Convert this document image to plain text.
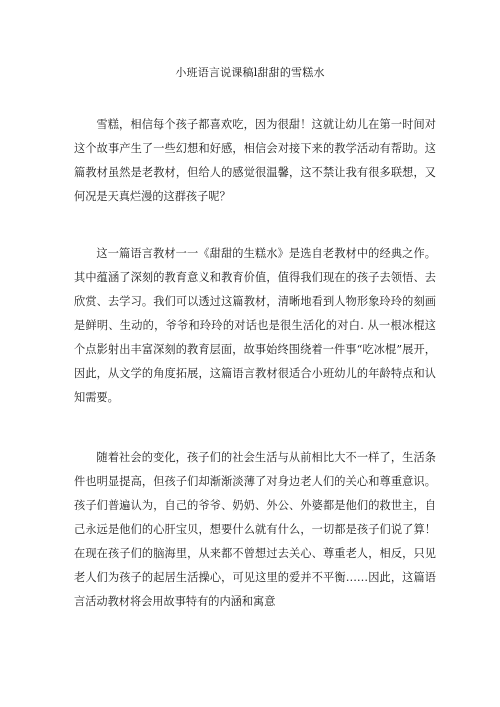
小班语言说课稿l甜甜的雪糕水

雪糕，相信每个孩子都喜欢吃，因为很甜！这就让幼儿在第一时间对这个故事产生了一些幻想和好感，相信会对接下来的教学活动有帮助。这篇教材虽然是老教材，但给人的感觉很温馨，这不禁让我有很多联想，又何况是天真烂漫的这群孩子呢？

这一篇语言教材一一《甜甜的生糕水》是选自老教材中的经典之作。其中蕴涵了深刻的教育意义和教育价值，值得我们现在的孩子去领悟、去欣赏、去学习。我们可以透过这篇教材，清晰地看到人物形象玲玲的刻画是鲜明、生动的，爷爷和玲玲的对话也是很生活化的对白. 从一根冰棍这个点影射出丰富深刻的教育层面，故事始终围绕着一件事“吃冰棍”展开，因此，从文学的角度拓展，这篇语言教材很适合小班幼儿的年龄特点和认知需要。

随着社会的变化，孩子们的社会生活与从前相比大不一样了，生活条件也明显提高，但孩子们却渐渐淡薄了对身边老人们的关心和尊重意识。孩子们普遍认为，自己的爷爷、奶奶、外公、外婆都是他们的救世主，自己永远是他们的心肝宝贝，想要什么就有什么，一切都是孩子们说了算！在现在孩子们的脑海里，从来都不曾想过去关心、尊重老人，相反，只见老人们为孩子的起居生活操心，可见这里的爱并不平衡……因此，这篇语言活动教材将会用故事特有的内涵和寓意
